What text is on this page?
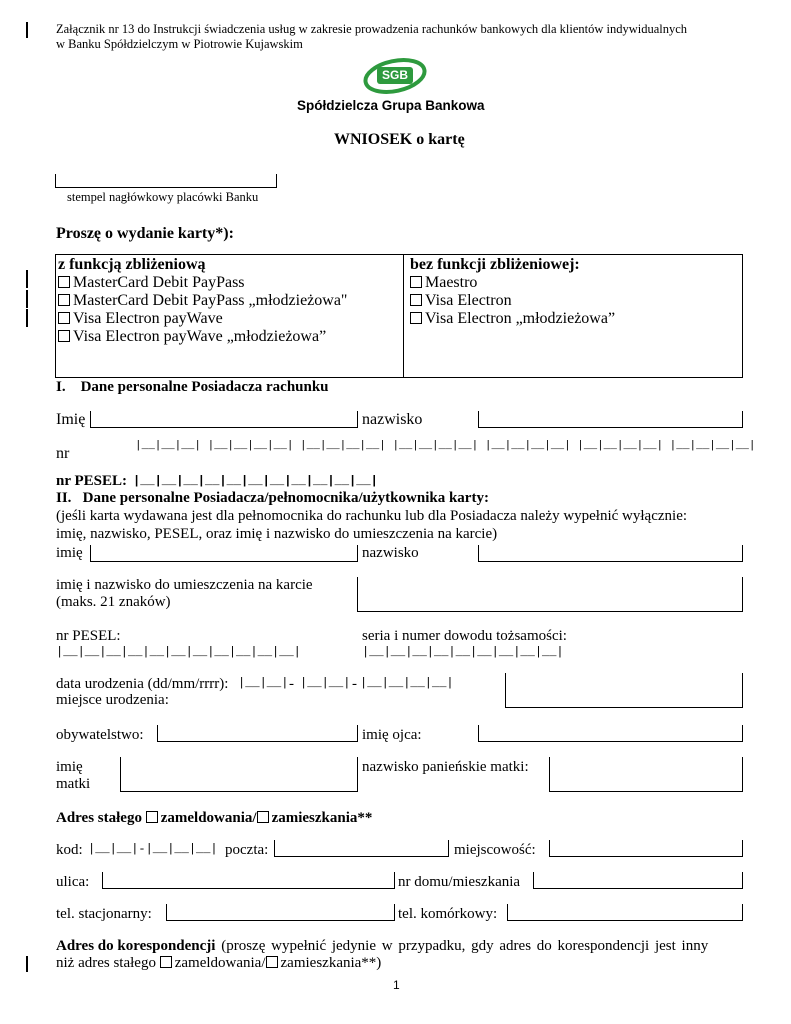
Załącznik nr 13 do Instrukcji świadczenia usług w zakresie prowadzenia rachunków bankowych dla klientów indywidualnych
w Banku Spółdzielczym w Piotrowie Kujawskim
SGB
Spółdzielcza Grupa Bankowa
WNIOSEK o kartę
stempel nagłówkowy placówki Banku
Proszę o wydanie karty*):
z funkcją zbliżeniową
MasterCard Debit PayPass
MasterCard Debit PayPass „młodzieżowa"
Visa Electron payWave
Visa Electron payWave „młodzieżowa”
bez funkcji zbliżeniowej:
Maestro
Visa Electron
Visa Electron „młodzieżowa”
I.    Dane personalne Posiadacza rachunku
Imię	nazwisko
nr	|__|__|__| |__|__|__|__| |__|__|__|__| |__|__|__|__| |__|__|__|__| |__|__|__|__| |__|__|__|__|
nr PESEL: |__|__|__|__|__|__|__|__|__|__|__|
II.   Dane personalne Posiadacza/pełnomocnika/użytkownika karty:
(jeśli karta wydawana jest dla pełnomocnika do rachunku lub dla Posiadacza należy wypełnić wyłącznie:
imię, nazwisko, PESEL, oraz imię i nazwisko do umieszczenia na karcie)
imię	nazwisko
imię i nazwisko do umieszczenia na karcie
(maks. 21 znaków)
nr PESEL:
|__|__|__|__|__|__|__|__|__|__|__|
seria i numer dowodu tożsamości:
|__|__|__|__|__|__|__|__|__|
data urodzenia (dd/mm/rrrr): |__|__| - |__|__| - |__|__|__|__|
miejsce urodzenia:
obywatelstwo:	imię ojca:
imię
matki
nazwisko panieńskie matki:
Adres stałego zameldowania/ zamieszkania**
kod: |__|__|-|__|__|__| poczta:	miejscowość:
ulica:	nr domu/mieszkania
tel. stacjonarny:	tel. komórkowy:
Adres do korespondencji (proszę wypełnić jedynie w przypadku, gdy adres do korespondencji jest inny
niż adres stałego zameldowania/ zamieszkania**)
1
